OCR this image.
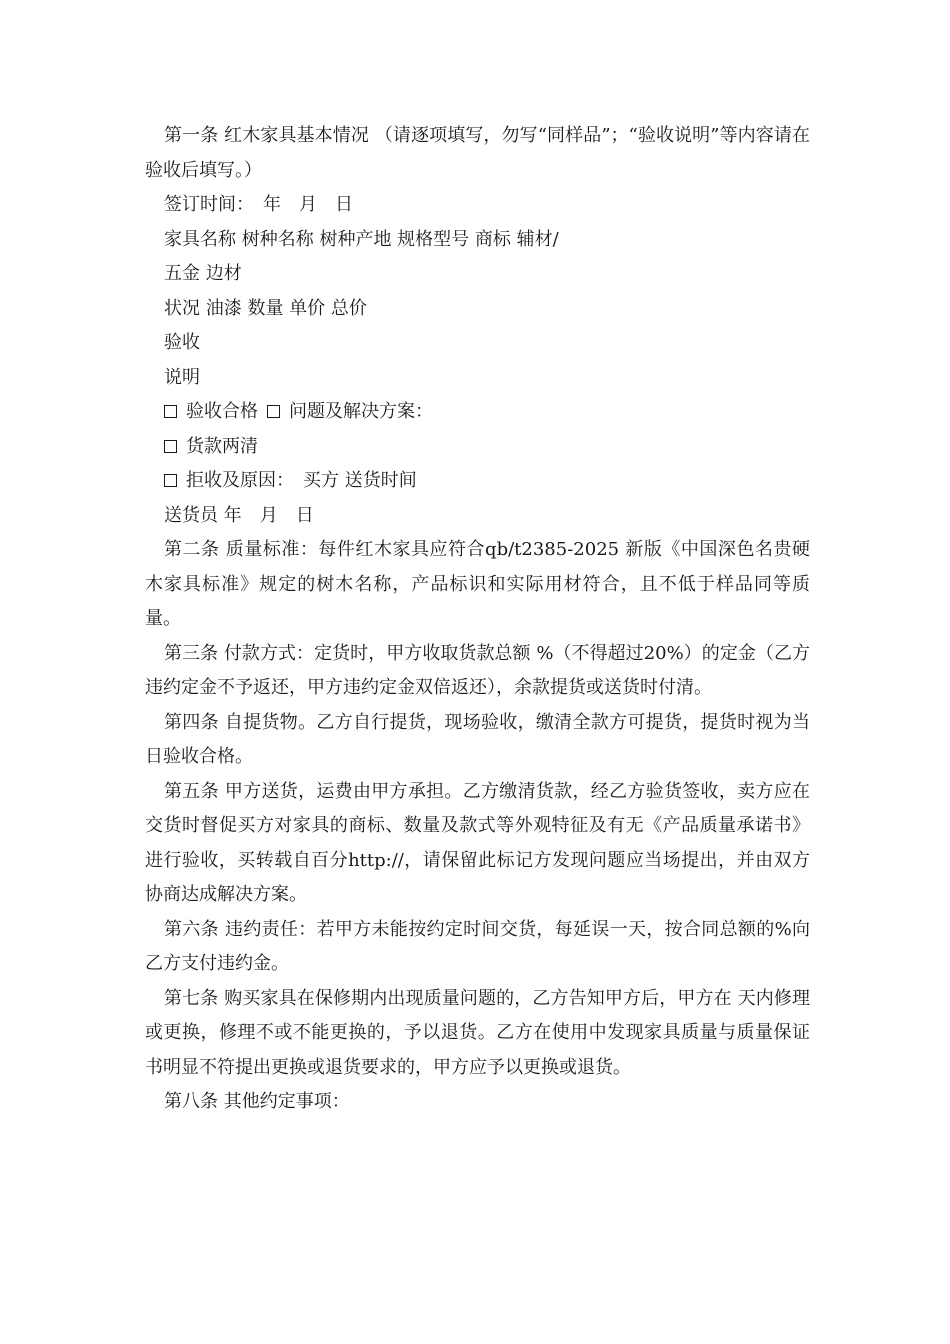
第一条 红木家具基本情况 （请逐项填写，勿写“同样品”；“验收说明”等内容请在验收后填写。）

签订时间：　年　月　日

家具名称 树种名称 树种产地 规格型号 商标 辅材/

五金 边材

状况 油漆 数量 单价 总价

验收

说明

验收合格 问题及解决方案：

货款两清

拒收及原因：　买方 送货时间

送货员 年　月　日

第二条 质量标准：每件红木家具应符合qb/t2385-2025 新版《中国深色名贵硬木家具标准》规定的树木名称，产品标识和实际用材符合，且不低于样品同等质量。

第三条 付款方式：定货时，甲方收取货款总额 %（不得超过20%）的定金（乙方违约定金不予返还，甲方违约定金双倍返还），余款提货或送货时付清。

第四条 自提货物。乙方自行提货，现场验收，缴清全款方可提货，提货时视为当日验收合格。

第五条 甲方送货，运费由甲方承担。乙方缴清货款，经乙方验货签收，卖方应在交货时督促买方对家具的商标、数量及款式等外观特征及有无《产品质量承诺书》进行验收，买转载自百分http://，请保留此标记方发现问题应当场提出，并由双方协商达成解决方案。

第六条 违约责任：若甲方未能按约定时间交货，每延误一天，按合同总额的%向乙方支付违约金。

第七条 购买家具在保修期内出现质量问题的，乙方告知甲方后，甲方在 天内修理或更换，修理不或不能更换的，予以退货。乙方在使用中发现家具质量与质量保证书明显不符提出更换或退货要求的，甲方应予以更换或退货。

第八条 其他约定事项：
